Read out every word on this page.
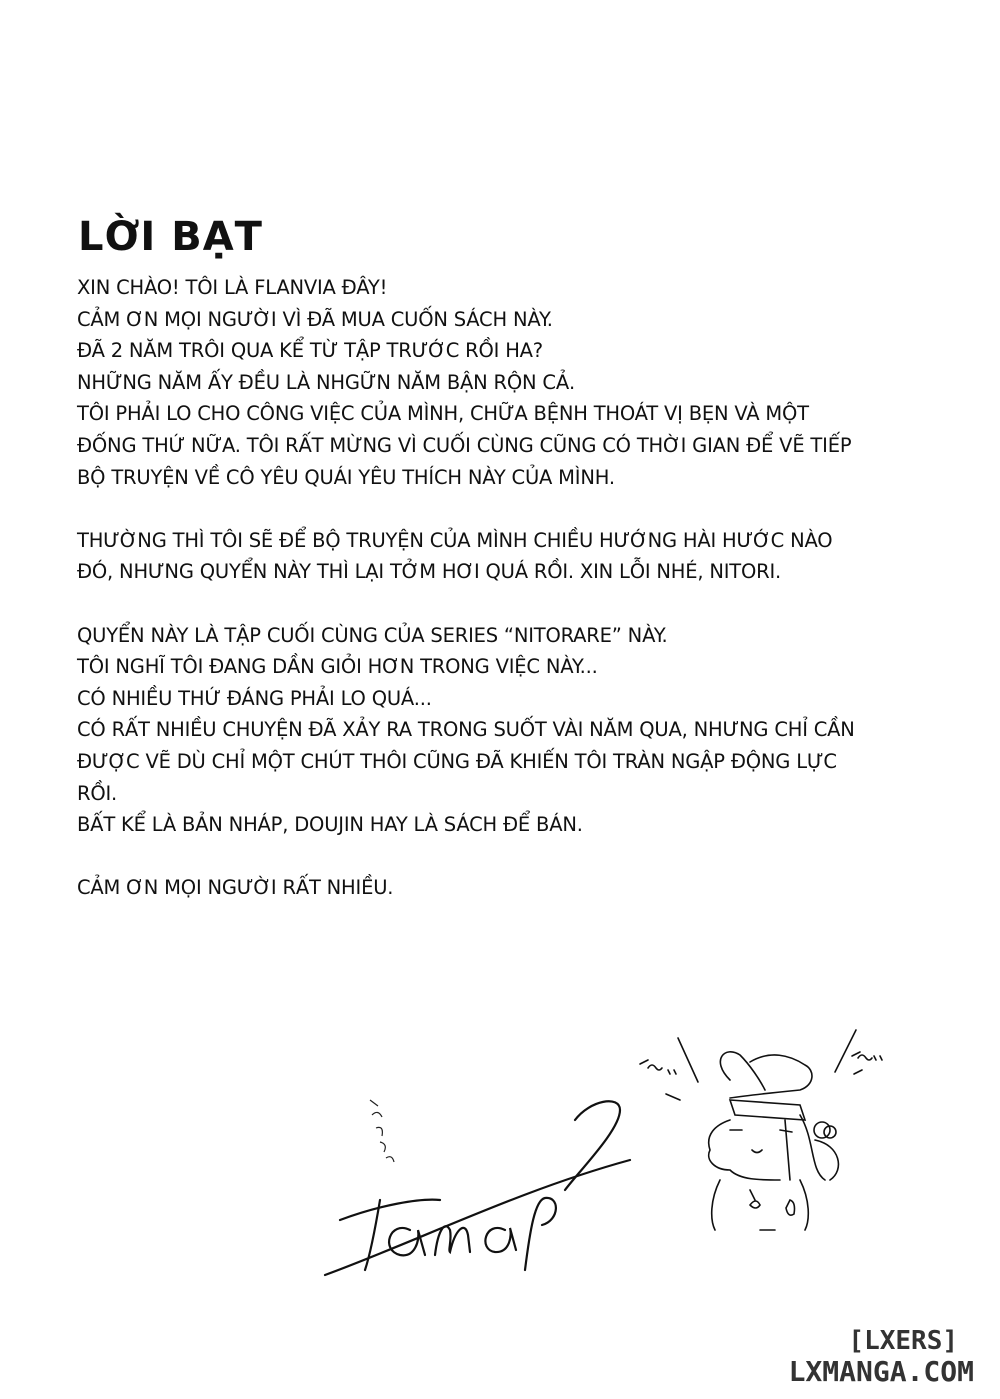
LỜI BẠT
XIN CHÀO! TÔI LÀ FLANVIA ĐÂY!
CẢM ƠN MỌI NGƯỜI VÌ ĐÃ MUA CUỐN SÁCH NÀY.
ĐÃ 2 NĂM TRÔI QUA KỂ TỪ TẬP TRƯỚC RỒI HA?
NHỮNG NĂM ẤY ĐỀU LÀ NHGỮN NĂM BẬN RỘN CẢ.
TÔI PHẢI LO CHO CÔNG VIỆC CỦA MÌNH, CHỮA BỆNH THOÁT VỊ BẸN VÀ MỘT
ĐỐNG THỨ NỮA. TÔI RẤT MỪNG VÌ CUỐI CÙNG CŨNG CÓ THỜI GIAN ĐỂ VẼ TIẾP
BỘ TRUYỆN VỀ CÔ YÊU QUÁI YÊU THÍCH NÀY CỦA MÌNH.
THƯỜNG THÌ TÔI SẼ ĐỂ BỘ TRUYỆN CỦA MÌNH CHIỀU HƯỚNG HÀI HƯỚC NÀO
ĐÓ, NHƯNG QUYỂN NÀY THÌ LẠI TỞM HƠI QUÁ RỒI. XIN LỖI NHÉ, NITORI.
QUYỂN NÀY LÀ TẬP CUỐI CÙNG CỦA SERIES “NITORARE” NÀY.
TÔI NGHĨ TÔI ĐANG DẦN GIỎI HƠN TRONG VIỆC NÀY...
CÓ NHIỀU THỨ ĐÁNG PHẢI LO QUÁ...
CÓ RẤT NHIỀU CHUYỆN ĐÃ XẢY RA TRONG SUỐT VÀI NĂM QUA, NHƯNG CHỈ CẦN
ĐƯỢC VẼ DÙ CHỈ MỘT CHÚT THÔI CŨNG ĐÃ KHIẾN TÔI TRÀN NGẬP ĐỘNG LỰC
RỒI.
BẤT KỂ LÀ BẢN NHÁP, DOUJIN HAY LÀ SÁCH ĐỂ BÁN.
CẢM ƠN MỌI NGƯỜI RẤT NHIỀU.
[LXERS]
LXMANGA.COM
